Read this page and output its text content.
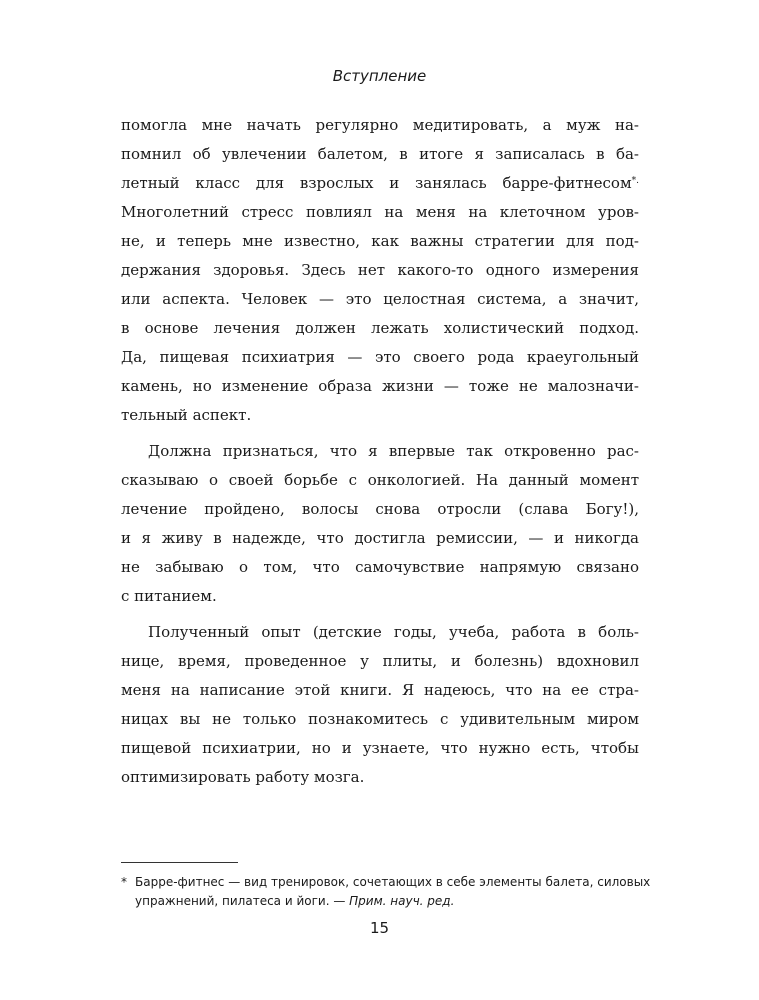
Вступление
помогла мне начать регулярно медитировать, а муж на-
помнил об увлечении балетом, в итоге я записалась в ба-
летный класс для взрослых и занялась барре-фитнесом*.
Многолетний стресс повлиял на меня на клеточном уров-
не, и теперь мне известно, как важны стратегии для под-
держания здоровья. Здесь нет какого-то одного измерения
или аспекта. Человек — это целостная система, а значит,
в основе лечения должен лежать холистический подход.
Да, пищевая психиатрия — это своего рода краеугольный
камень, но изменение образа жизни — тоже не малозначи-
тельный аспект.
Должна признаться, что я впервые так откровенно рас-
сказываю о своей борьбе с онкологией. На данный момент
лечение пройдено, волосы снова отросли (слава Богу!),
и я живу в надежде, что достигла ремиссии, — и никогда
не забываю о том, что самочувствие напрямую связано
с питанием.
Полученный опыт (детские годы, учеба, работа в боль-
нице, время, проведенное у плиты, и болезнь) вдохновил
меня на написание этой книги. Я надеюсь, что на ее стра-
ницах вы не только познакомитесь с удивительным миром
пищевой психиатрии, но и узнаете, что нужно есть, чтобы
оптимизировать работу мозга.
* Барре-фитнес — вид тренировок, сочетающих в себе элементы балета, силовых
упражнений, пилатеса и йоги. — Прим. науч. ред.
15
